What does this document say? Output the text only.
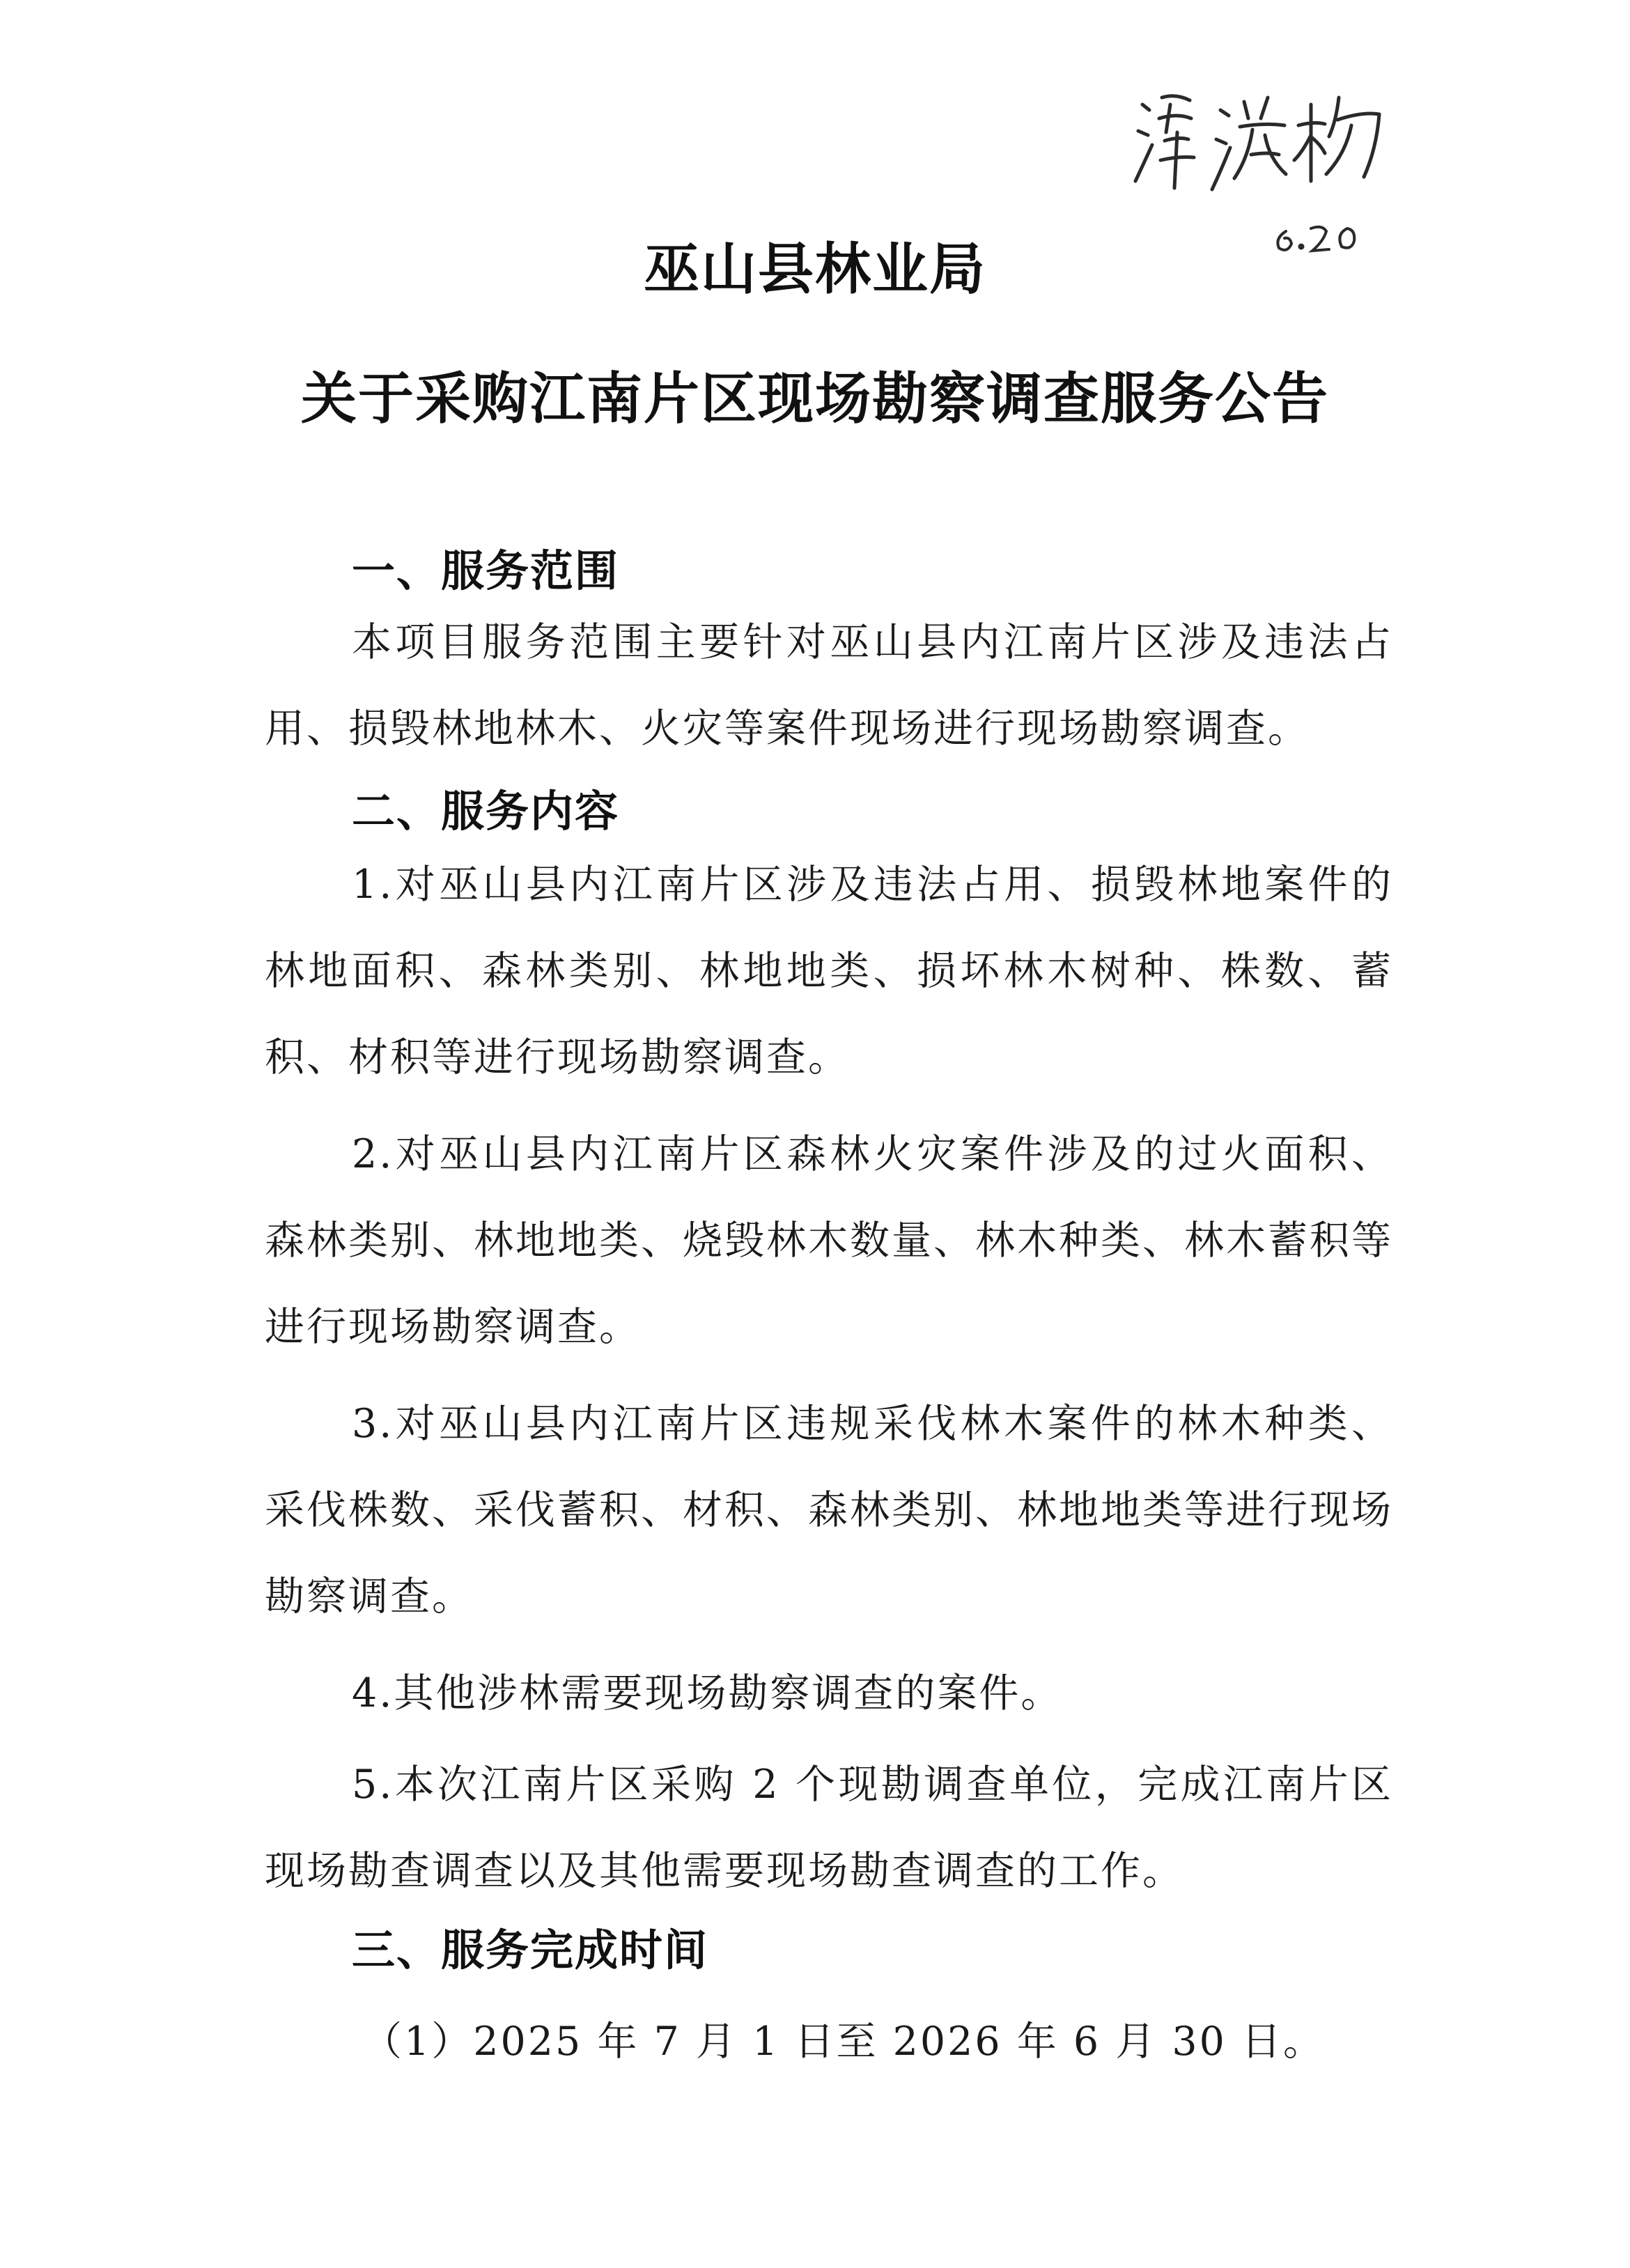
巫山县林业局
关于采购江南片区现场勘察调查服务公告
一、服务范围
本项目服务范围主要针对巫山县内江南片区涉及违法占用、损毁林地林木、火灾等案件现场进行现场勘察调查。
二、服务内容
1.对巫山县内江南片区涉及违法占用、损毁林地案件的林地面积、森林类别、林地地类、损坏林木树种、株数、蓄积、材积等进行现场勘察调查。
2.对巫山县内江南片区森林火灾案件涉及的过火面积、森林类别、林地地类、烧毁林木数量、林木种类、林木蓄积等进行现场勘察调查。
3.对巫山县内江南片区违规采伐林木案件的林木种类、采伐株数、采伐蓄积、材积、森林类别、林地地类等进行现场勘察调查。
4.其他涉林需要现场勘察调查的案件。
5.本次江南片区采购 2 个现勘调查单位，完成江南片区现场勘查调查以及其他需要现场勘查调查的工作。
三、服务完成时间
（1）2025 年 7 月 1 日至 2026 年 6 月 30 日。
